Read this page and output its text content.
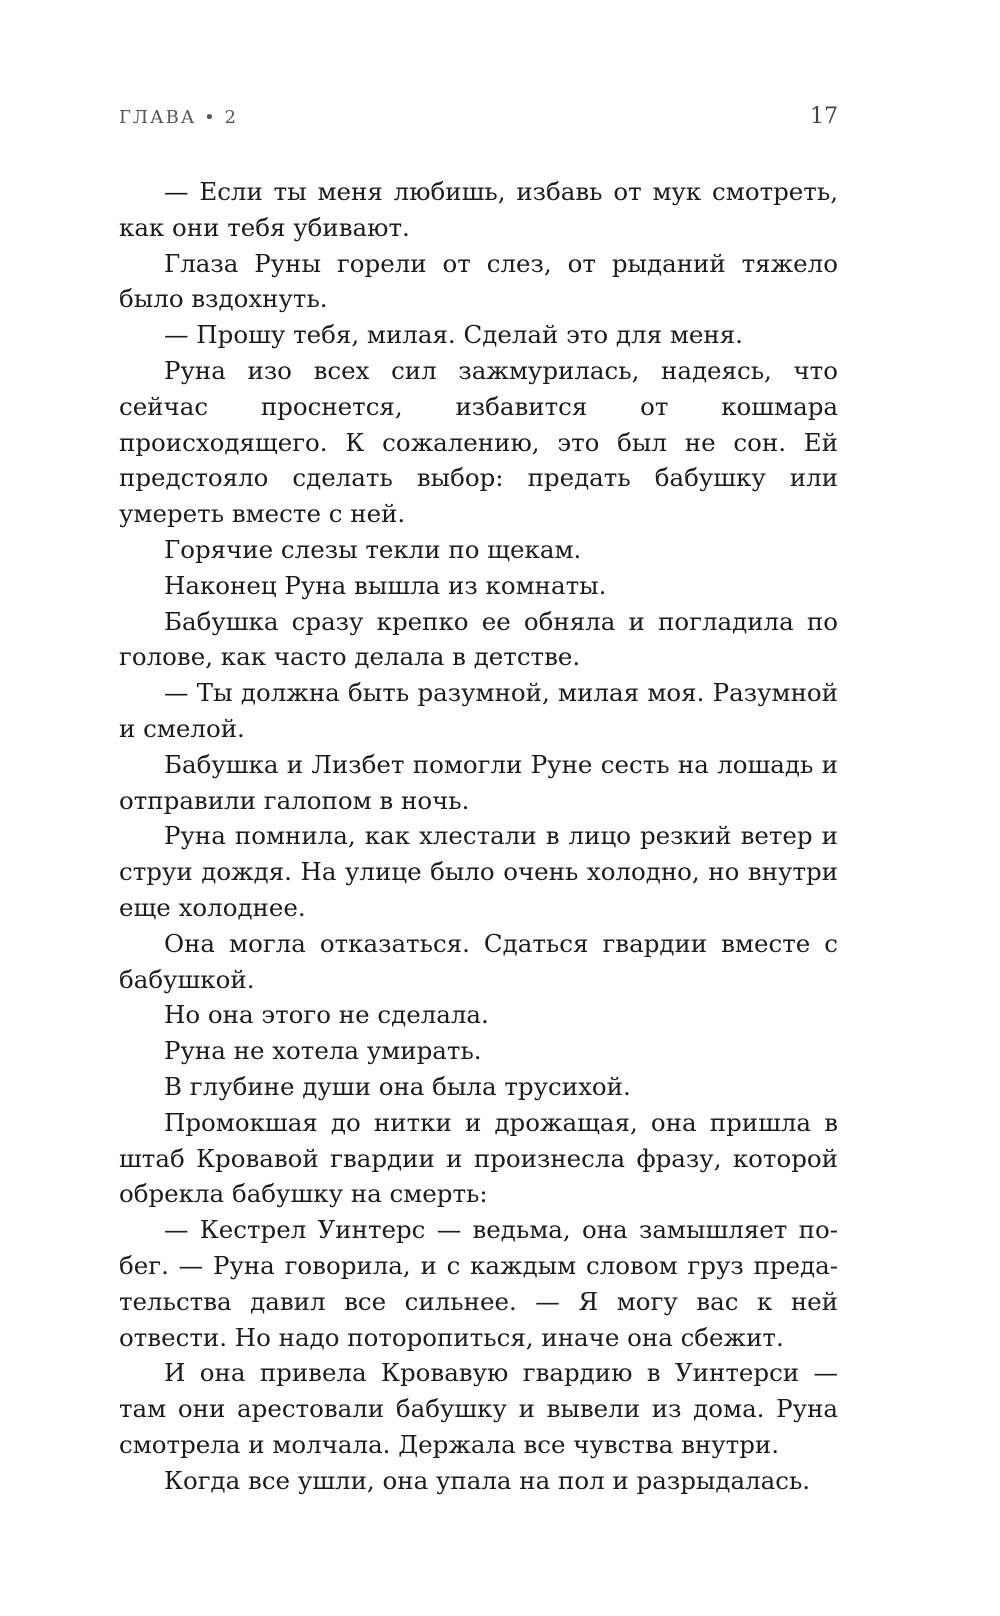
ГЛАВА • 2	17

— Если ты меня любишь, избавь от мук смотреть, как они тебя убивают.

Глаза Руны горели от слез, от рыданий тяжело было вздохнуть.

— Прошу тебя, милая. Сделай это для меня.

Руна изо всех сил зажмурилась, надеясь, что сейчас проснется, избавится от кошмара происходящего. К сожалению, это был не сон. Ей предстояло сделать выбор: предать бабушку или умереть вместе с ней.

Горячие слезы текли по щекам.

Наконец Руна вышла из комнаты.

Бабушка сразу крепко ее обняла и погладила по голове, как часто делала в детстве.

— Ты должна быть разумной, милая моя. Разумной и смелой.

Бабушка и Лизбет помогли Руне сесть на лошадь и отправили галопом в ночь.

Руна помнила, как хлестали в лицо резкий ветер и струи дождя. На улице было очень холодно, но внутри еще холоднее.

Она могла отказаться. Сдаться гвардии вместе с бабушкой.

Но она этого не сделала.

Руна не хотела умирать.

В глубине души она была трусихой.

Промокшая до нитки и дрожащая, она пришла в штаб Кровавой гвардии и произнесла фразу, которой обрекла бабушку на смерть:

— Кестрел Уинтерс — ведьма, она замышляет побег. — Руна говорила, и с каждым словом груз предательства давил все сильнее. — Я могу вас к ней отвести. Но надо поторопиться, иначе она сбежит.

И она привела Кровавую гвардию в Уинтерси — там они арестовали бабушку и вывели из дома. Руна смотрела и молчала. Держала все чувства внутри.

Когда все ушли, она упала на пол и разрыдалась.
